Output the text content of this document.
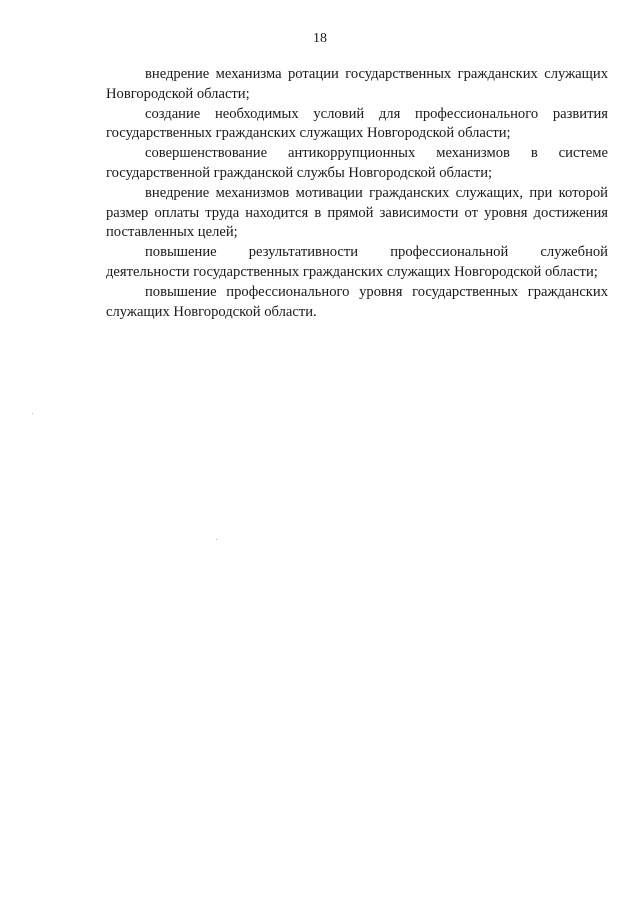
18

внедрение механизма ротации государственных гражданских служащих Новгородской области;

создание необходимых условий для профессионального развития государственных гражданских служащих Новгородской области;

совершенствование антикоррупционных механизмов в системе государственной гражданской службы Новгородской области;

внедрение механизмов мотивации гражданских служащих, при которой размер оплаты труда находится в прямой зависимости от уровня достижения поставленных целей;

повышение результативности профессиональной служебной деятельности государственных гражданских служащих Новгородской области;

повышение профессионального уровня государственных гражданских служащих Новгородской области.
